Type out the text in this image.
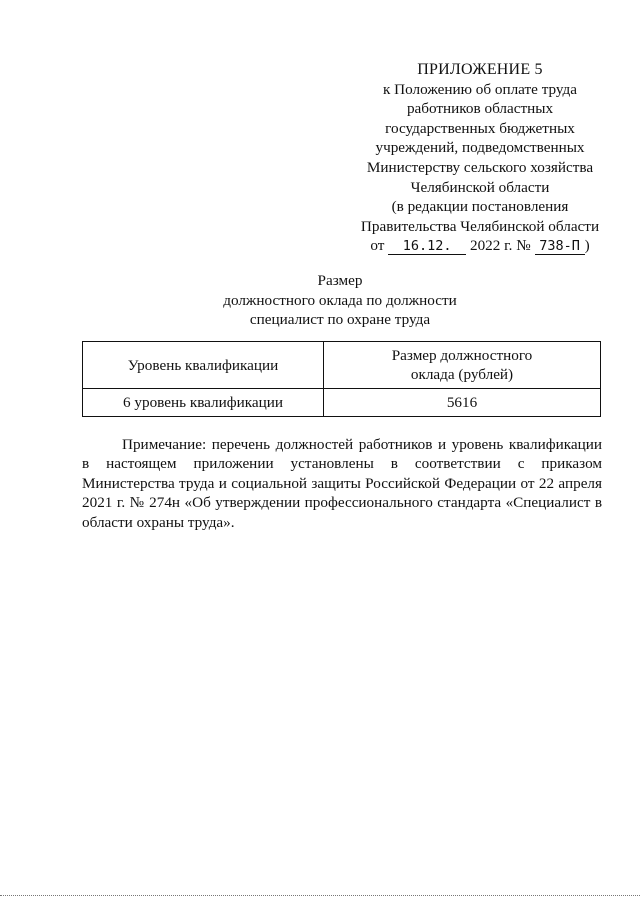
ПРИЛОЖЕНИЕ 5
к Положению об оплате труда
работников областных
государственных бюджетных
учреждений, подведомственных
Министерству сельского хозяйства
Челябинской области
(в редакции постановления
Правительства Челябинской области
от 16.12. 2022 г. № 738-П )
Размер
должностного оклада по должности
специалист по охране труда
Уровень квалификации	Размер должностного
оклада (рублей)

6 уровень квалификации	5616
Примечание: перечень должностей работников и уровень квалификации в настоящем приложении установлены в соответствии с приказом Министерства труда и социальной защиты Российской Федерации от 22 апреля 2021 г. № 274н «Об утверждении профессионального стандарта «Специалист в области охраны труда».
